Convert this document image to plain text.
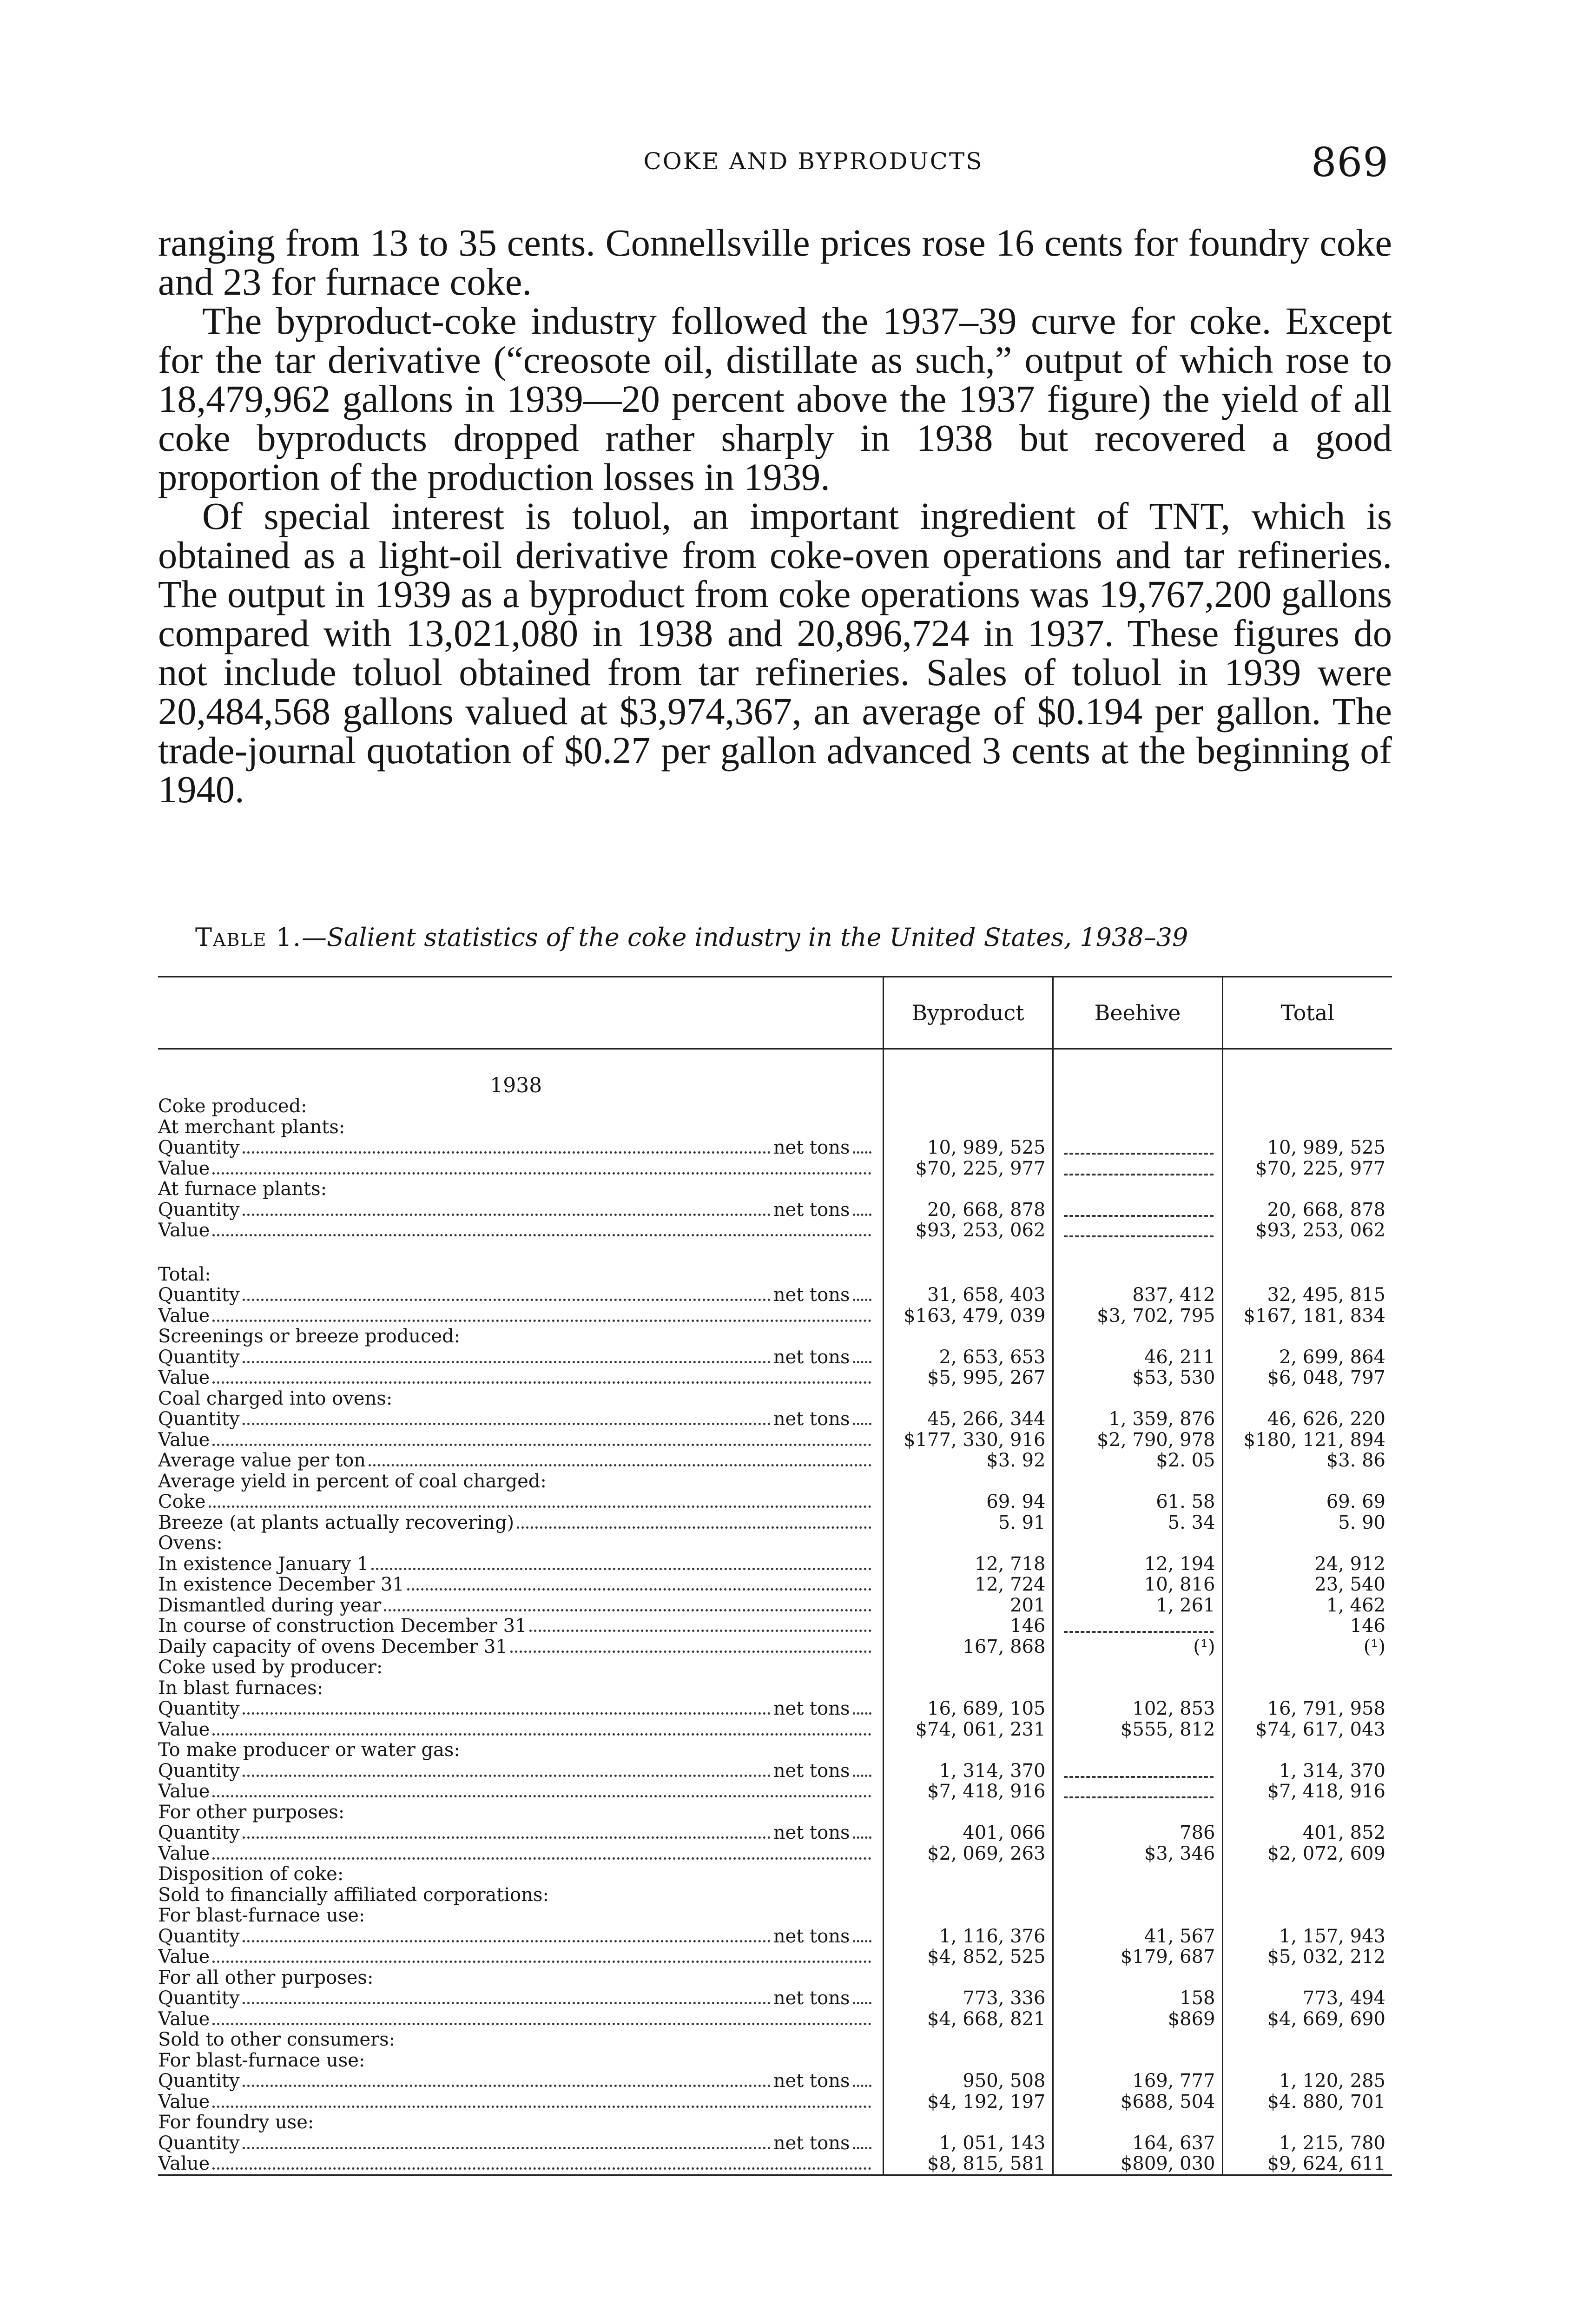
COKE AND BYPRODUCTS	869

ranging from 13 to 35 cents. Connellsville prices rose 16 cents for foundry coke and 23 for furnace coke.

The byproduct-coke industry followed the 1937–39 curve for coke. Except for the tar derivative (“creosote oil, distillate as such,” output of which rose to 18,479,962 gallons in 1939—20 percent above the 1937 figure) the yield of all coke byproducts dropped rather sharply in 1938 but recovered a good proportion of the production losses in 1939.

Of special interest is toluol, an important ingredient of TNT, which is obtained as a light-oil derivative from coke-oven operations and tar refineries. The output in 1939 as a byproduct from coke operations was 19,767,200 gallons compared with 13,021,080 in 1938 and 20,896,724 in 1937. These figures do not include toluol obtained from tar refineries. Sales of toluol in 1939 were 20,484,568 gallons valued at $3,974,367, an average of $0.194 per gallon. The trade-journal quotation of $0.27 per gallon advanced 3 cents at the beginning of 1940.

Table 1.—Salient statistics of the coke industry in the United States, 1938–39
	Byproduct	Beehive	Total
1938			
Coke produced:			
At merchant plants:			

Quantity net tons	10, 989, 525		10, 989, 525

Value	$70, 225, 977		$70, 225, 977
At furnace plants:			

Quantity net tons	20, 668, 878		20, 668, 878

Value	$93, 253, 062		$93, 253, 062

Total:			

Quantity net tons	31, 658, 403	837, 412	32, 495, 815

Value	$163, 479, 039	$3, 702, 795	$167, 181, 834
Screenings or breeze produced:			

Quantity net tons	2, 653, 653	46, 211	2, 699, 864

Value	$5, 995, 267	$53, 530	$6, 048, 797
Coal charged into ovens:			

Quantity net tons	45, 266, 344	1, 359, 876	46, 626, 220

Value	$177, 330, 916	$2, 790, 978	$180, 121, 894

Average value per ton	$3. 92	$2. 05	$3. 86
Average yield in percent of coal charged:			

Coke	69. 94	61. 58	69. 69

Breeze (at plants actually recovering)	5. 91	5. 34	5. 90
Ovens:			

In existence January 1	12, 718	12, 194	24, 912

In existence December 31	12, 724	10, 816	23, 540

Dismantled during year	201	1, 261	1, 462

In course of construction December 31	146		146

Daily capacity of ovens December 31	167, 868	(¹)	(¹)
Coke used by producer:			
In blast furnaces:			

Quantity net tons	16, 689, 105	102, 853	16, 791, 958

Value	$74, 061, 231	$555, 812	$74, 617, 043
To make producer or water gas:			

Quantity net tons	1, 314, 370		1, 314, 370

Value	$7, 418, 916		$7, 418, 916
For other purposes:			

Quantity net tons	401, 066	786	401, 852

Value	$2, 069, 263	$3, 346	$2, 072, 609
Disposition of coke:			
Sold to financially affiliated corporations:			
For blast-furnace use:			

Quantity net tons	1, 116, 376	41, 567	1, 157, 943

Value	$4, 852, 525	$179, 687	$5, 032, 212
For all other purposes:			

Quantity net tons	773, 336	158	773, 494

Value	$4, 668, 821	$869	$4, 669, 690
Sold to other consumers:			
For blast-furnace use:			

Quantity net tons	950, 508	169, 777	1, 120, 285

Value	$4, 192, 197	$688, 504	$4. 880, 701
For foundry use:			

Quantity net tons	1, 051, 143	164, 637	1, 215, 780

Value	$8, 815, 581	$809, 030	$9, 624, 611
